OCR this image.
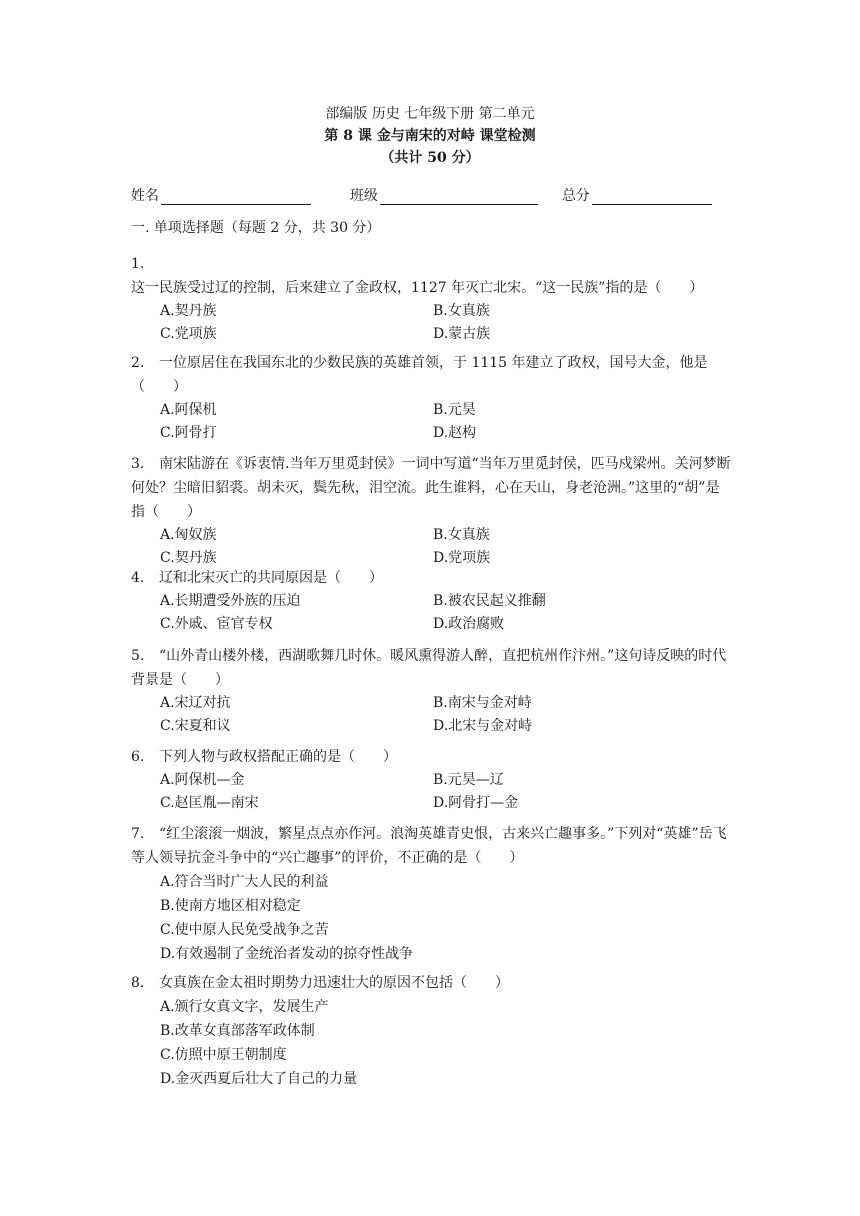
部编版 历史 七年级下册 第二单元
第 8 课 金与南宋的对峙 课堂检测
（共计 50 分）
姓名	班级	总分
一. 单项选择题（每题 2 分，共 30 分）
1.这一民族受过辽的控制，后来建立了金政权，1127 年灭亡北宋。“这一民族”指的是（　　）
A.契丹族	B.女真族
C.党项族	D.蒙古族
2. 一位原居住在我国东北的少数民族的英雄首领，于 1115 年建立了政权，国号大金，他是（　　）
A.阿保机	B.元昊
C.阿骨打	D.赵构
3. 南宋陆游在《诉衷情.当年万里觅封侯》一词中写道“当年万里觅封侯，匹马戍梁州。关河梦断何处？尘暗旧貂裘。胡未灭，鬓先秋，泪空流。此生谁料，心在天山，身老沧洲。”这里的“胡”是指（　　）
A.匈奴族	B.女真族
C.契丹族	D.党项族
4. 辽和北宋灭亡的共同原因是（　　）
A.长期遭受外族的压迫	B.被农民起义推翻
C.外戚、宦官专权	D.政治腐败
5. “山外青山楼外楼，西湖歌舞几时休。暖风熏得游人醉，直把杭州作汴州。”这句诗反映的时代背景是（　　）
A.宋辽对抗	B.南宋与金对峙
C.宋夏和议	D.北宋与金对峙
6. 下列人物与政权搭配正确的是（　　）
A.阿保机—金	B.元昊—辽
C.赵匡胤—南宋	D.阿骨打—金
7. “红尘滚滚一烟波，繁星点点亦作河。浪淘英雄青史恨，古来兴亡趣事多。”下列对“英雄”岳飞等人领导抗金斗争中的“兴亡趣事”的评价，不正确的是（　　）
A.符合当时广大人民的利益
B.使南方地区相对稳定
C.使中原人民免受战争之苦
D.有效遏制了金统治者发动的掠夺性战争
8. 女真族在金太祖时期势力迅速壮大的原因不包括（　　）
A.颁行女真文字，发展生产
B.改革女真部落军政体制
C.仿照中原王朝制度
D.金灭西夏后壮大了自己的力量
